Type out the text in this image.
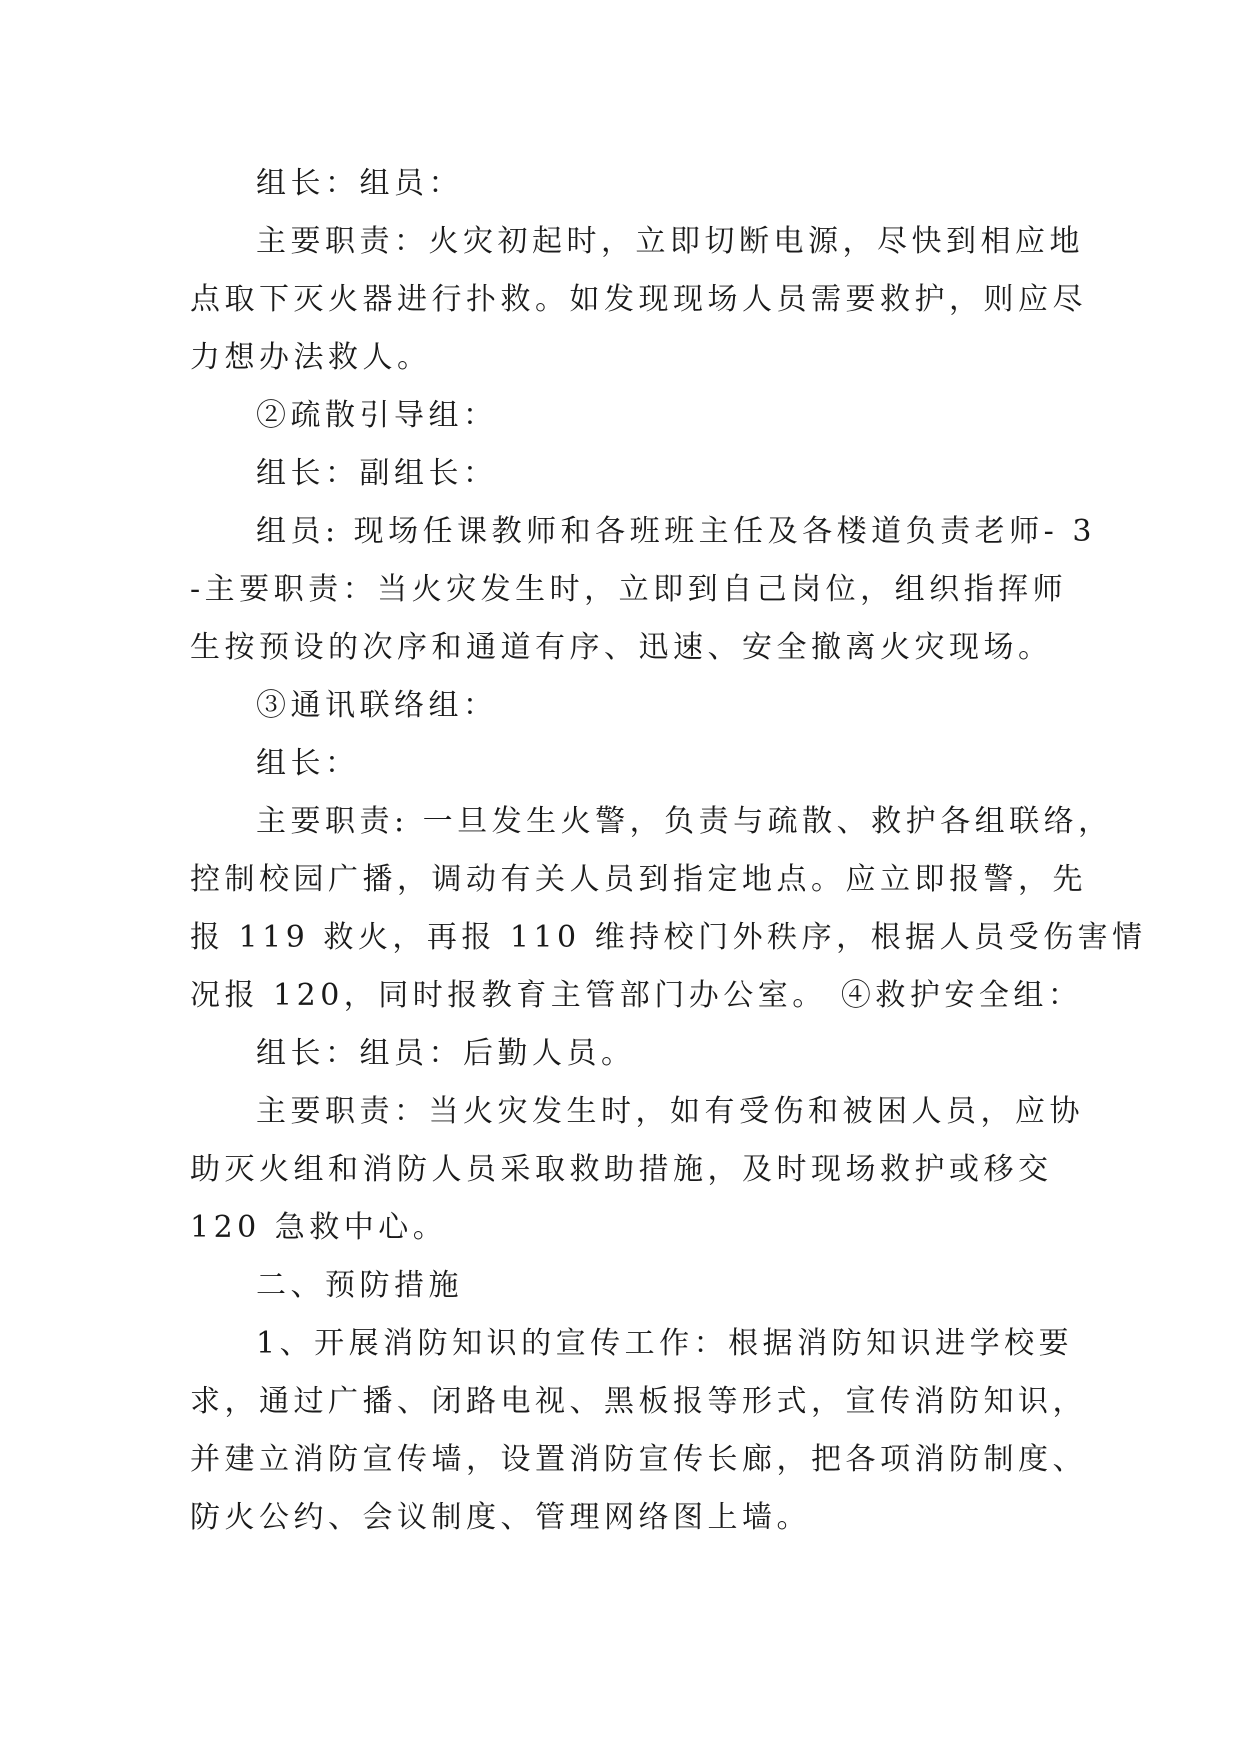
组长：组员：
主要职责：火灾初起时，立即切断电源，尽快到相应地
点取下灭火器进行扑救。如发现现场人员需要救护，则应尽
力想办法救人。
②疏散引导组：
组长：副组长：
组员: 现场任课教师和各班班主任及各楼道负责老师- 3
-主要职责：当火灾发生时，立即到自己岗位，组织指挥师
生按预设的次序和通道有序、迅速、安全撤离火灾现场。
③通讯联络组：
组长：
主要职责: 一旦发生火警，负责与疏散、救护各组联络，
控制校园广播，调动有关人员到指定地点。应立即报警，先
报 119 救火，再报 110 维持校门外秩序，根据人员受伤害情
况报 120，同时报教育主管部门办公室。 ④救护安全组：
组长：组员：后勤人员。
主要职责：当火灾发生时，如有受伤和被困人员，应协
助灭火组和消防人员采取救助措施，及时现场救护或移交
120 急救中心。
二、预防措施
1、开展消防知识的宣传工作：根据消防知识进学校要
求，通过广播、闭路电视、黑板报等形式，宣传消防知识，
并建立消防宣传墙，设置消防宣传长廊，把各项消防制度、
防火公约、会议制度、管理网络图上墙。
